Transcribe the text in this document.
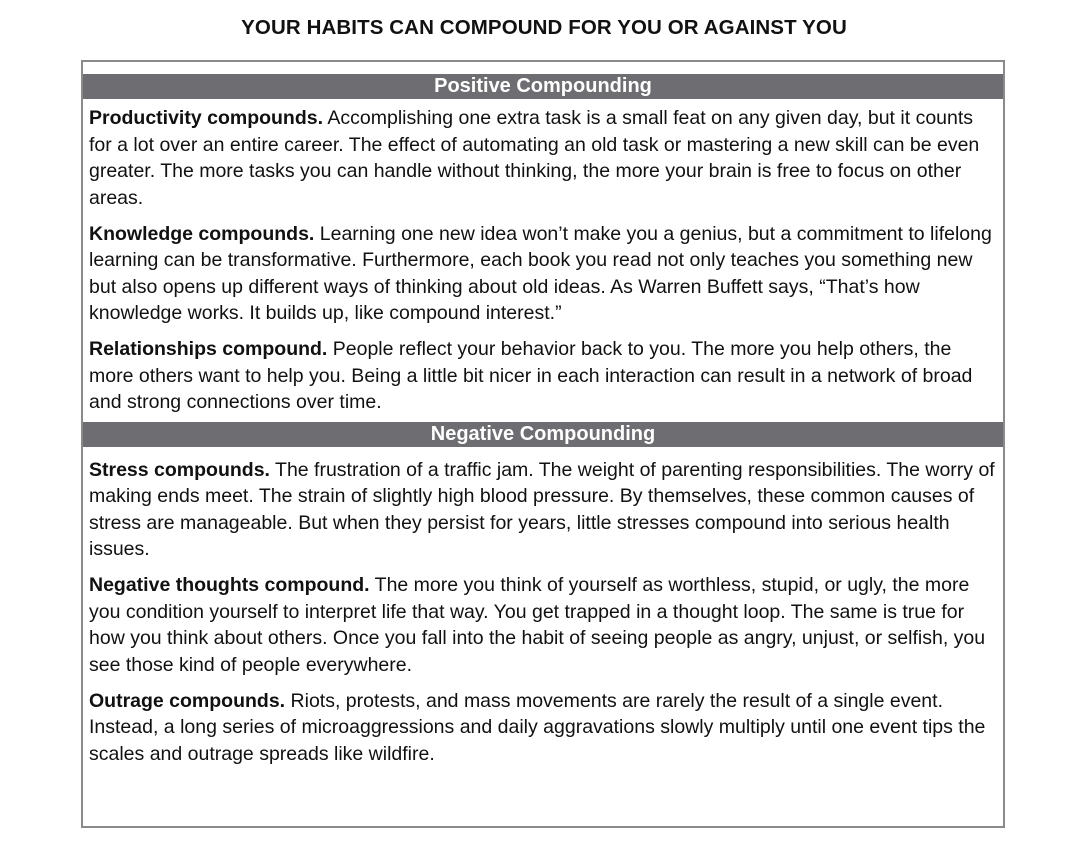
YOUR HABITS CAN COMPOUND FOR YOU OR AGAINST YOU
Positive Compounding

Productivity compounds. Accomplishing one extra task is a small feat on any given day, but it counts for a lot over an entire career. The effect of automating an old task or mastering a new skill can be even greater. The more tasks you can handle without thinking, the more your brain is free to focus on other areas.

Knowledge compounds. Learning one new idea won’t make you a genius, but a commitment to lifelong learning can be transformative. Furthermore, each book you read not only teaches you something new but also opens up different ways of thinking about old ideas. As Warren Buffett says, “That’s how knowledge works. It builds up, like compound interest.”

Relationships compound. People reflect your behavior back to you. The more you help others, the more others want to help you. Being a little bit nicer in each interaction can result in a network of broad and strong connections over time.

Negative Compounding

Stress compounds. The frustration of a traffic jam. The weight of parenting responsibilities. The worry of making ends meet. The strain of slightly high blood pressure. By themselves, these common causes of stress are manageable. But when they persist for years, little stresses compound into serious health issues.

Negative thoughts compound. The more you think of yourself as worthless, stupid, or ugly, the more you condition yourself to interpret life that way. You get trapped in a thought loop. The same is true for how you think about others. Once you fall into the habit of seeing people as angry, unjust, or selfish, you see those kind of people everywhere.

Outrage compounds. Riots, protests, and mass movements are rarely the result of a single event. Instead, a long series of microaggressions and daily aggravations slowly multiply until one event tips the scales and outrage spreads like wildfire.
